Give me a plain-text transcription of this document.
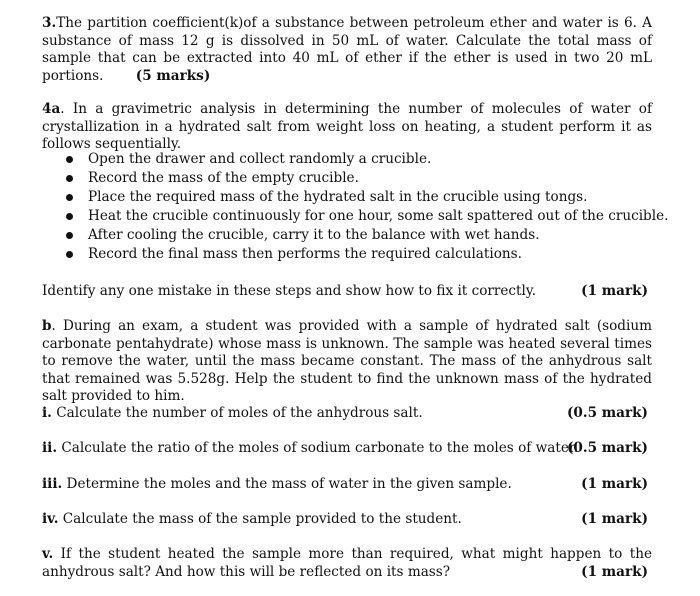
3.The partition coefficient(k)of a substance between petroleum ether and water is 6. A substance of mass 12 g is dissolved in 50 mL of water. Calculate the total mass of sample that can be extracted into 40 mL of ether if the ether is used in two 20 mL portions. (5 marks)

4a. In a gravimetric analysis in determining the number of molecules of water of crystallization in a hydrated salt from weight loss on heating, a student perform it as follows sequentially.

Open the drawer and collect randomly a crucible.
Record the mass of the empty crucible.
Place the required mass of the hydrated salt in the crucible using tongs.
Heat the crucible continuously for one hour, some salt spattered out of the crucible.
After cooling the crucible, carry it to the balance with wet hands.
Record the final mass then performs the required calculations.
Identify any one mistake in these steps and show how to fix it correctly.	(1 mark)

b. During an exam, a student was provided with a sample of hydrated salt (sodium carbonate pentahydrate) whose mass is unknown. The sample was heated several times to remove the water, until the mass became constant. The mass of the anhydrous salt that remained was 5.528g. Help the student to find the unknown mass of the hydrated salt provided to him.

i. Calculate the number of moles of the anhydrous salt.	(0.5 mark)
ii. Calculate the ratio of the moles of sodium carbonate to the moles of water.
(0.5 mark)
iii. Determine the moles and the mass of water in the given sample.	(1 mark)
iv. Calculate the mass of the sample provided to the student.	(1 mark)

v. If the student heated the sample more than required, what might happen to the anhydrous salt? And how this will be reflected on its mass?	(1 mark)
